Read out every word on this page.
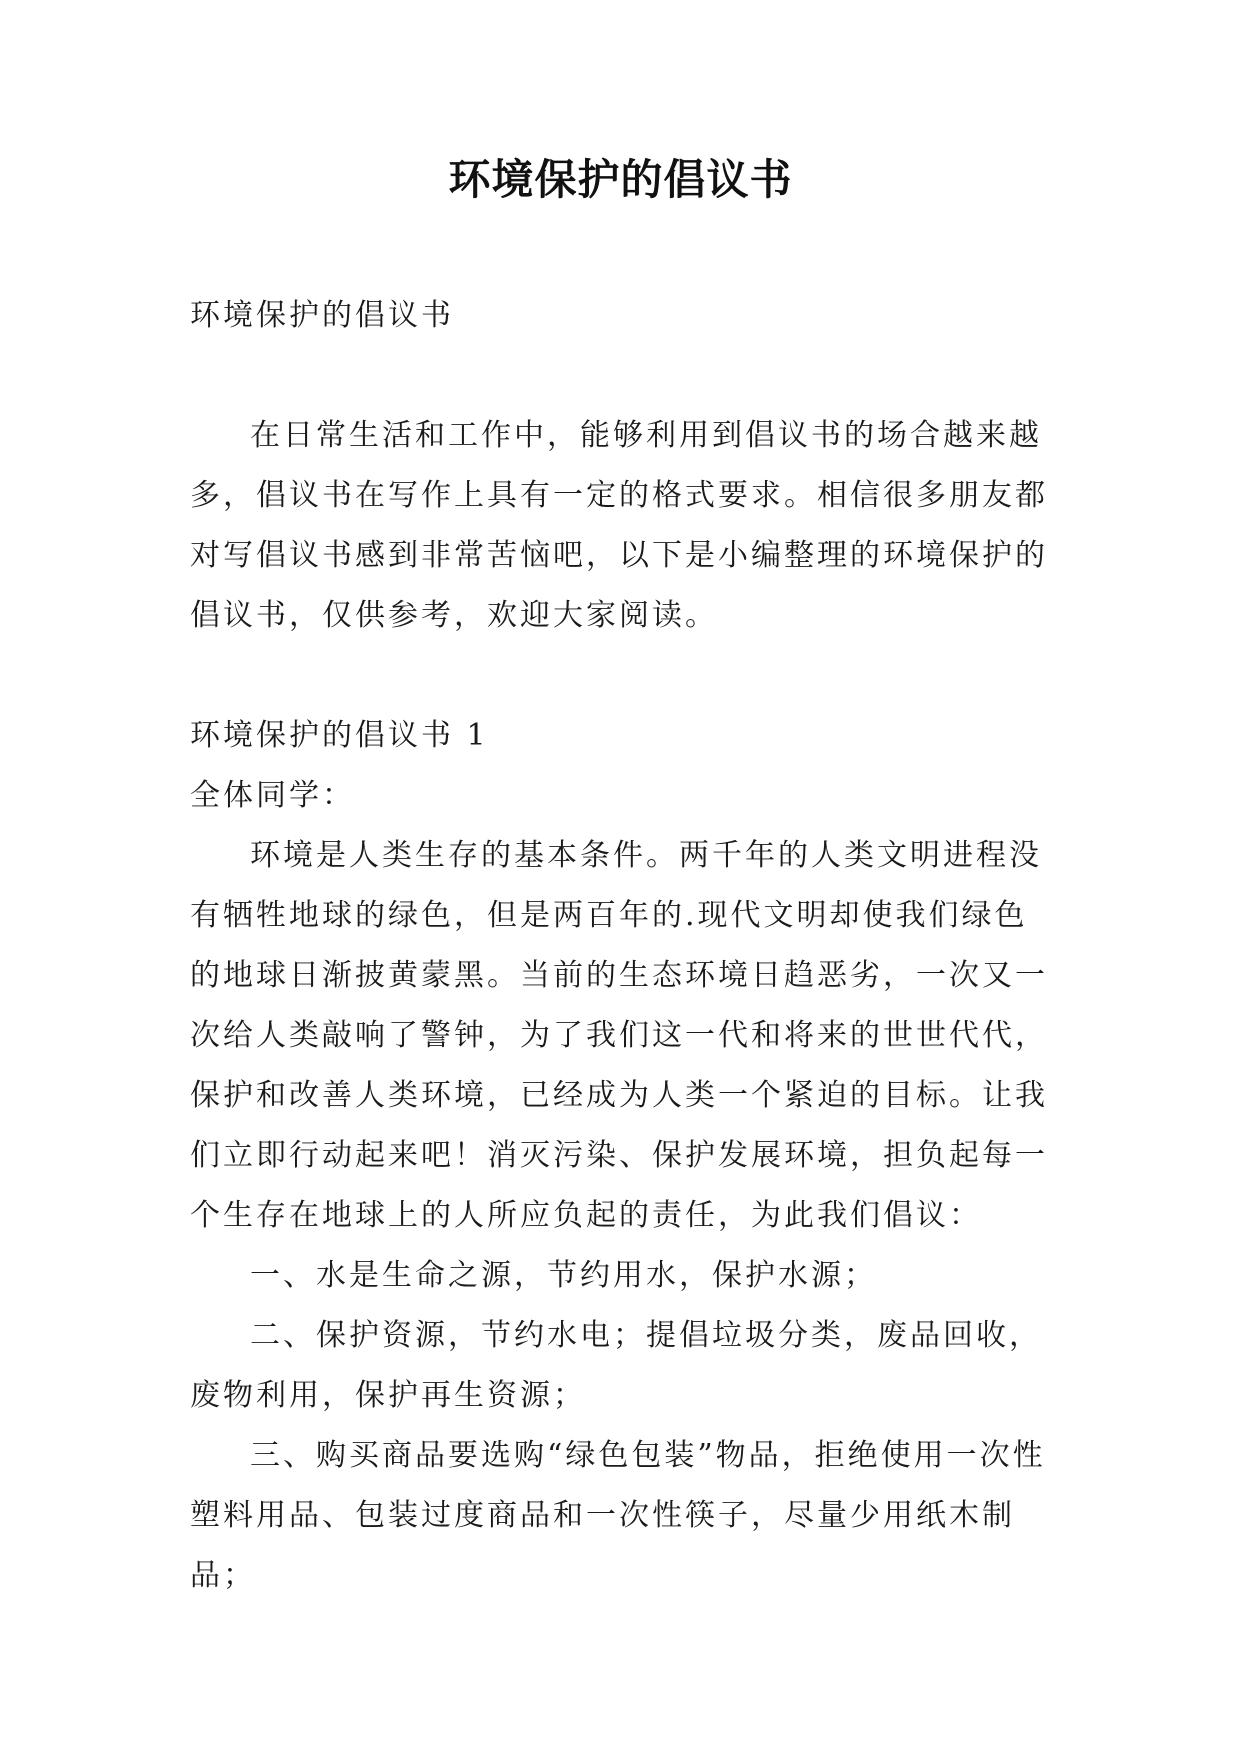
环境保护的倡议书

环境保护的倡议书

在日常生活和工作中，能够利用到倡议书的场合越来越多，倡议书在写作上具有一定的格式要求。相信很多朋友都对写倡议书感到非常苦恼吧，以下是小编整理的环境保护的倡议书，仅供参考，欢迎大家阅读。

环境保护的倡议书 1

全体同学：

环境是人类生存的基本条件。两千年的人类文明进程没有牺牲地球的绿色，但是两百年的.现代文明却使我们绿色的地球日渐披黄蒙黑。当前的生态环境日趋恶劣，一次又一次给人类敲响了警钟，为了我们这一代和将来的世世代代，保护和改善人类环境，已经成为人类一个紧迫的目标。让我们立即行动起来吧！消灭污染、保护发展环境，担负起每一个生存在地球上的人所应负起的责任，为此我们倡议：

一、水是生命之源，节约用水，保护水源；

二、保护资源，节约水电；提倡垃圾分类，废品回收，废物利用，保护再生资源；

三、购买商品要选购“绿色包装”物品，拒绝使用一次性塑料用品、包装过度商品和一次性筷子，尽量少用纸木制品；
